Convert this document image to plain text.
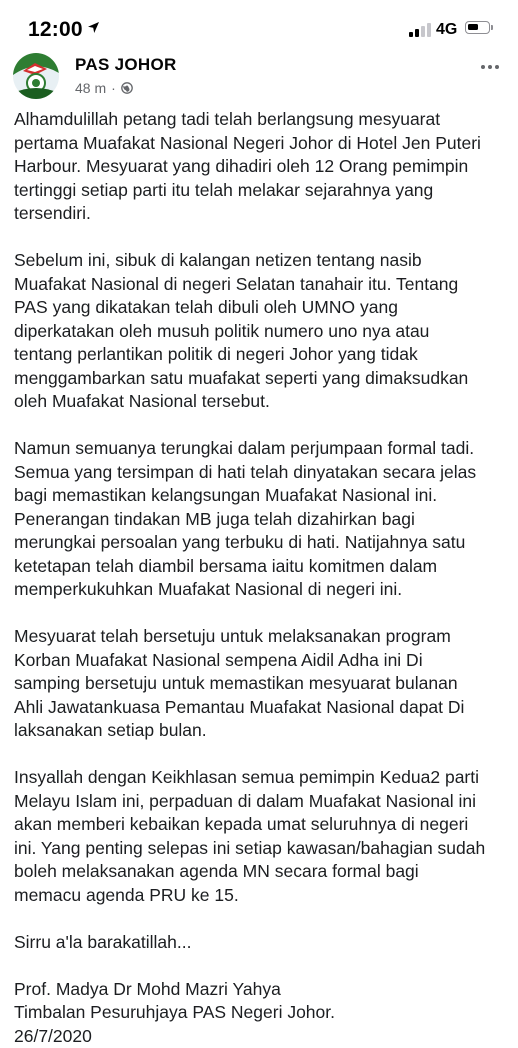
12:00	4G
PAS JOHOR
48 m ·

Alhamdulillah petang tadi telah berlangsung mesyuarat
pertama Muafakat Nasional Negeri Johor di Hotel Jen Puteri
Harbour. Mesyuarat yang dihadiri oleh 12 Orang pemimpin
tertinggi setiap parti itu telah melakar sejarahnya yang
tersendiri.

Sebelum ini, sibuk di kalangan netizen tentang nasib
Muafakat Nasional di negeri Selatan tanahair itu. Tentang
PAS yang dikatakan telah dibuli oleh UMNO yang
diperkatakan oleh musuh politik numero uno nya atau
tentang perlantikan politik di negeri Johor yang tidak
menggambarkan satu muafakat seperti yang dimaksudkan
oleh Muafakat Nasional tersebut.

Namun semuanya terungkai dalam perjumpaan formal tadi.
Semua yang tersimpan di hati telah dinyatakan secara jelas
bagi memastikan kelangsungan Muafakat Nasional ini.
Penerangan tindakan MB juga telah dizahirkan bagi
merungkai persoalan yang terbuku di hati. Natijahnya satu
ketetapan telah diambil bersama iaitu komitmen dalam
memperkukuhkan Muafakat Nasional di negeri ini.

Mesyuarat telah bersetuju untuk melaksanakan program
Korban Muafakat Nasional sempena Aidil Adha ini Di
samping bersetuju untuk memastikan mesyuarat bulanan
Ahli Jawatankuasa Pemantau Muafakat Nasional dapat Di
laksanakan setiap bulan.

Insyallah dengan Keikhlasan semua pemimpin Kedua2 parti
Melayu Islam ini, perpaduan di dalam Muafakat Nasional ini
akan memberi kebaikan kepada umat seluruhnya di negeri
ini. Yang penting selepas ini setiap kawasan/bahagian sudah
boleh melaksanakan agenda MN secara formal bagi
memacu agenda PRU ke 15.

Sirru a'la barakatillah...

Prof. Madya Dr Mohd Mazri Yahya
Timbalan Pesuruhjaya PAS Negeri Johor.
26/7/2020
